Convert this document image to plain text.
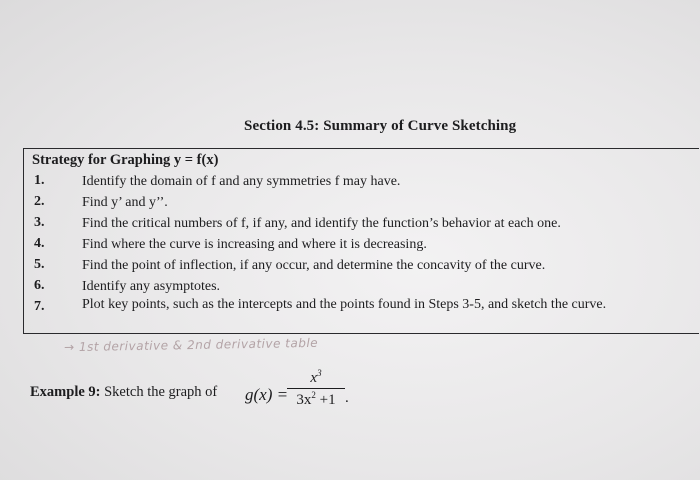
Section 4.5: Summary of Curve Sketching
Strategy for Graphing y = f(x)
1.	Identify the domain of f and any symmetries f may have.
2.	Find y’ and y’’.
3.	Find the critical numbers of f, if any, and identify the function’s behavior at each one.
4.	Find where the curve is increasing and where it is decreasing.
5.	Find the point of inflection, if any occur, and determine the concavity of the curve.
6.	Identify any asymptotes.
7.	Plot key points, such as the intercepts and the points found in Steps 3-5, and sketch the curve.
→ 1st derivative & 2nd derivative table
Example 9: Sketch the graph of g(x) =
$x^3$
$3x^2 +1$ .
